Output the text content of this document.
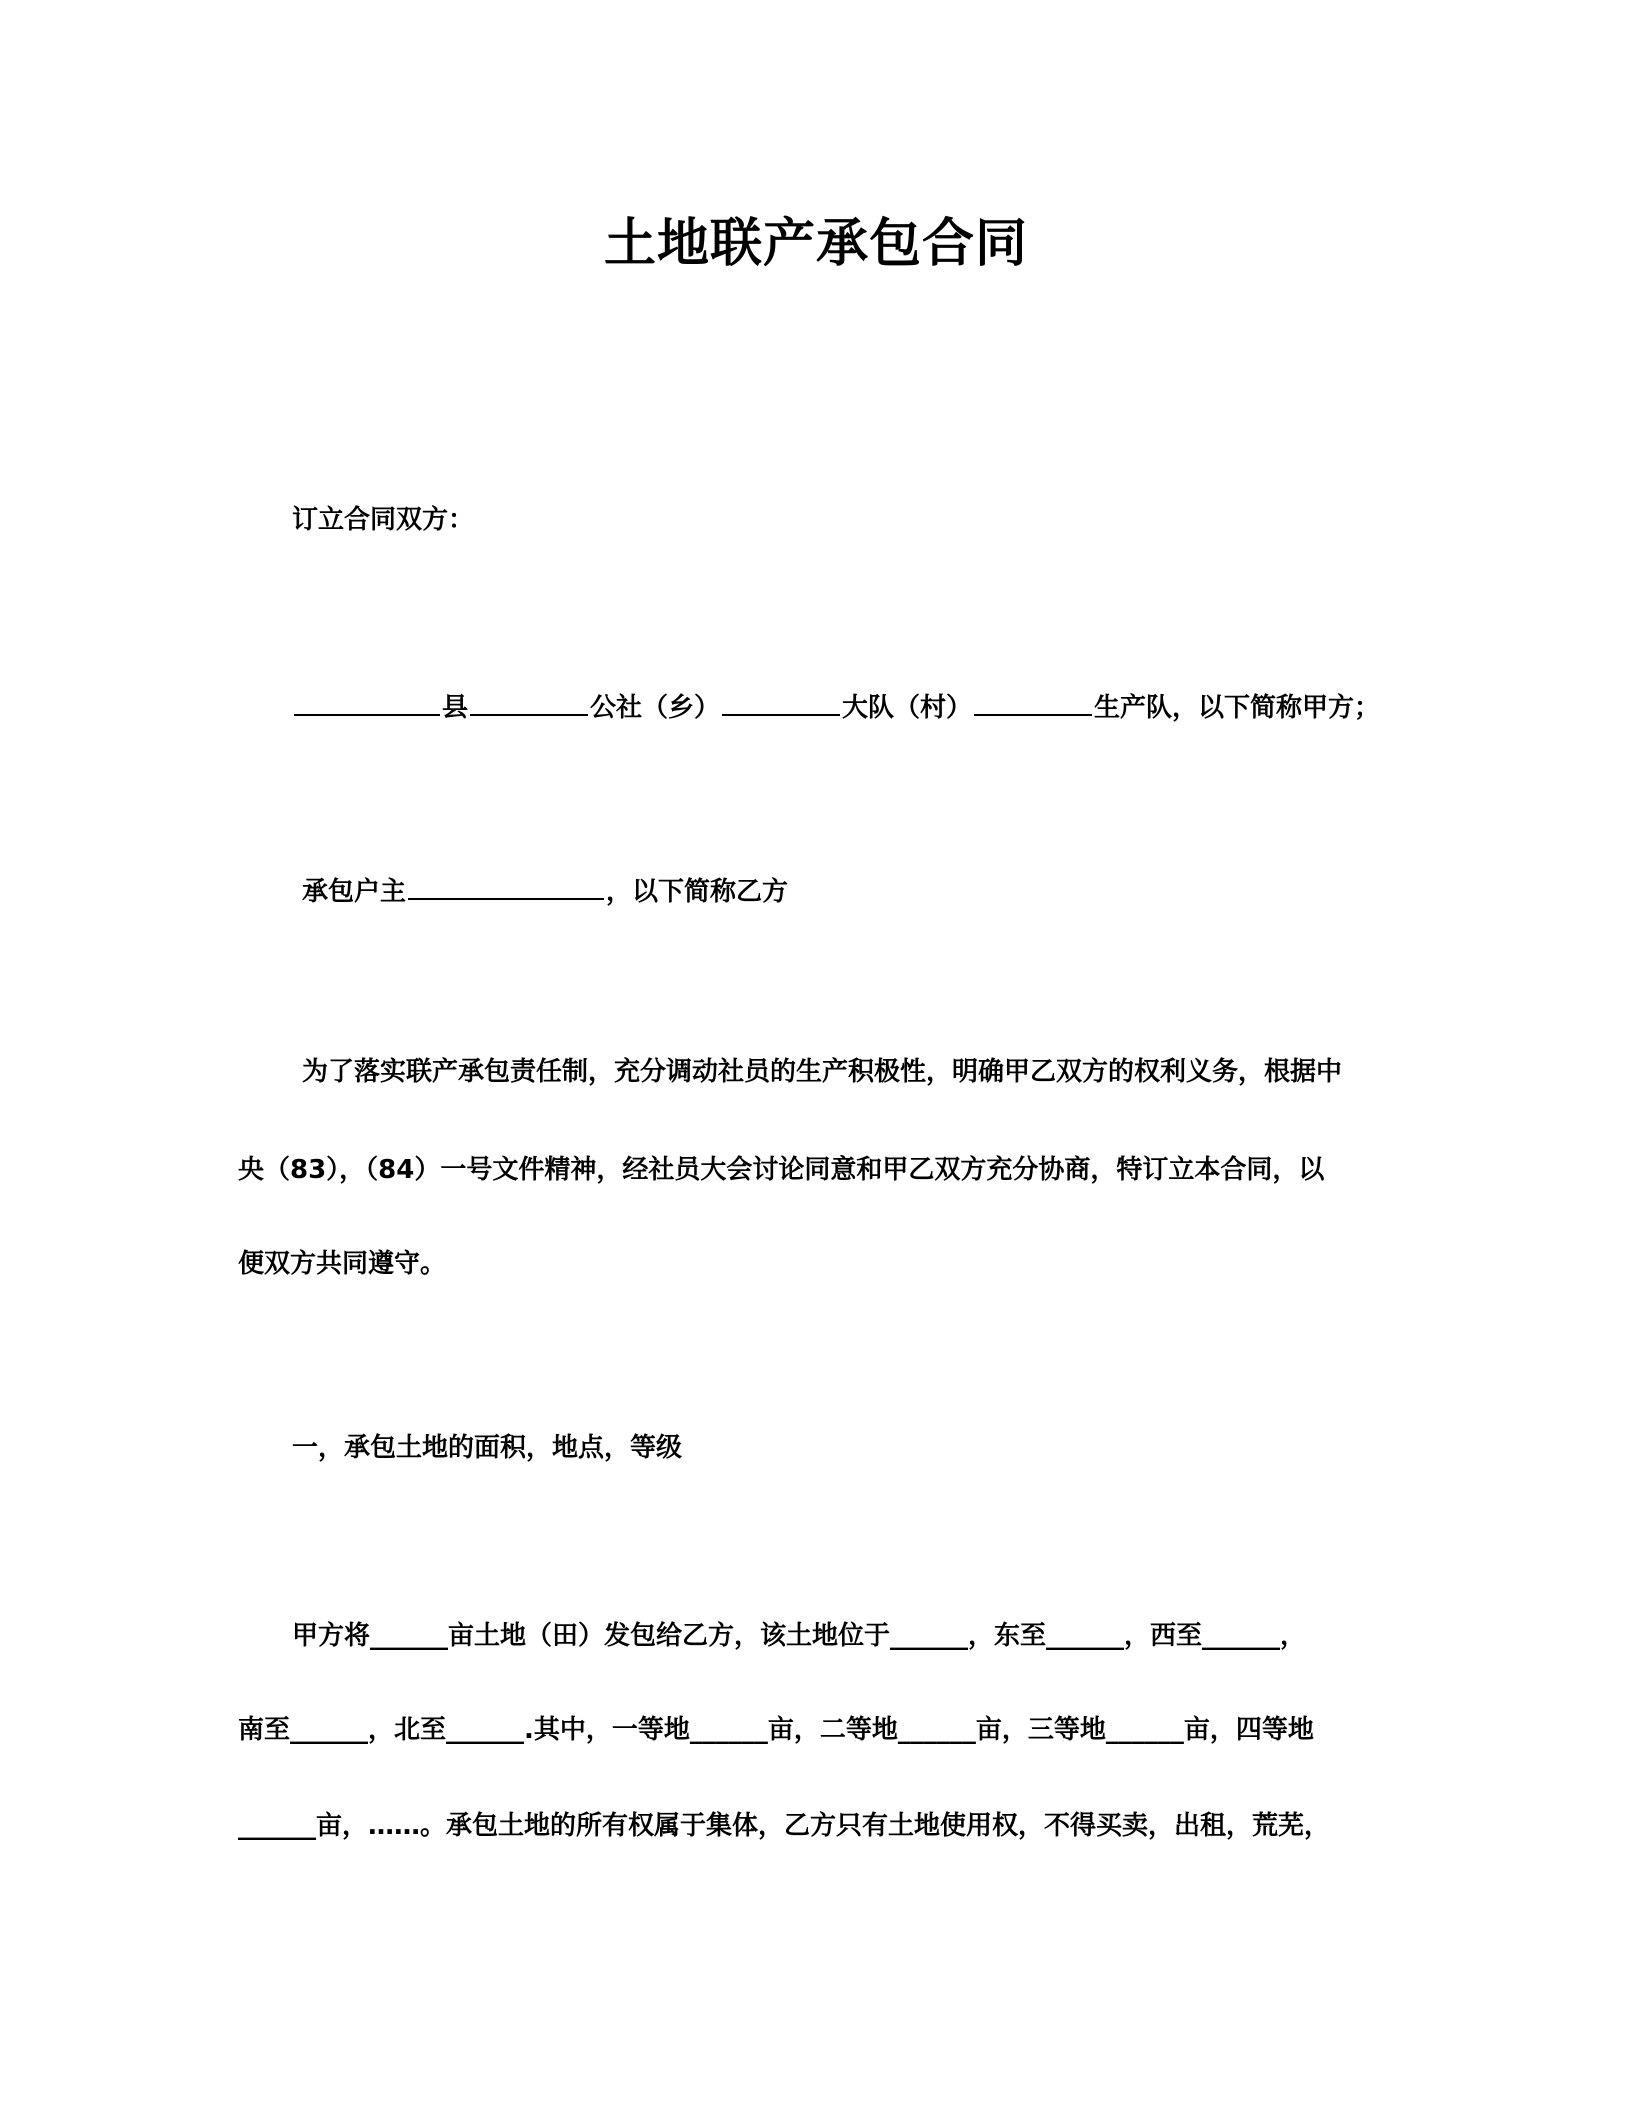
土地联产承包合同
订立合同双方：
县	公社（乡）	大队（村）	生产队，以下简称甲方；
承包户主	，以下简称乙方
为了落实联产承包责任制，充分调动社员的生产积极性，明确甲乙双方的权利义务，根据中
央（83），（84）一号文件精神，经社员大会讨论同意和甲乙双方充分协商，特订立本合同，以
便双方共同遵守。
一，承包土地的面积，地点，等级
甲方将______亩土地（田）发包给乙方，该土地位于______，东至______，西至______，
南至______，北至______.其中，一等地______亩，二等地______亩，三等地______亩，四等地
______亩，……。承包土地的所有权属于集体，乙方只有土地使用权，不得买卖，出租，荒芜，
